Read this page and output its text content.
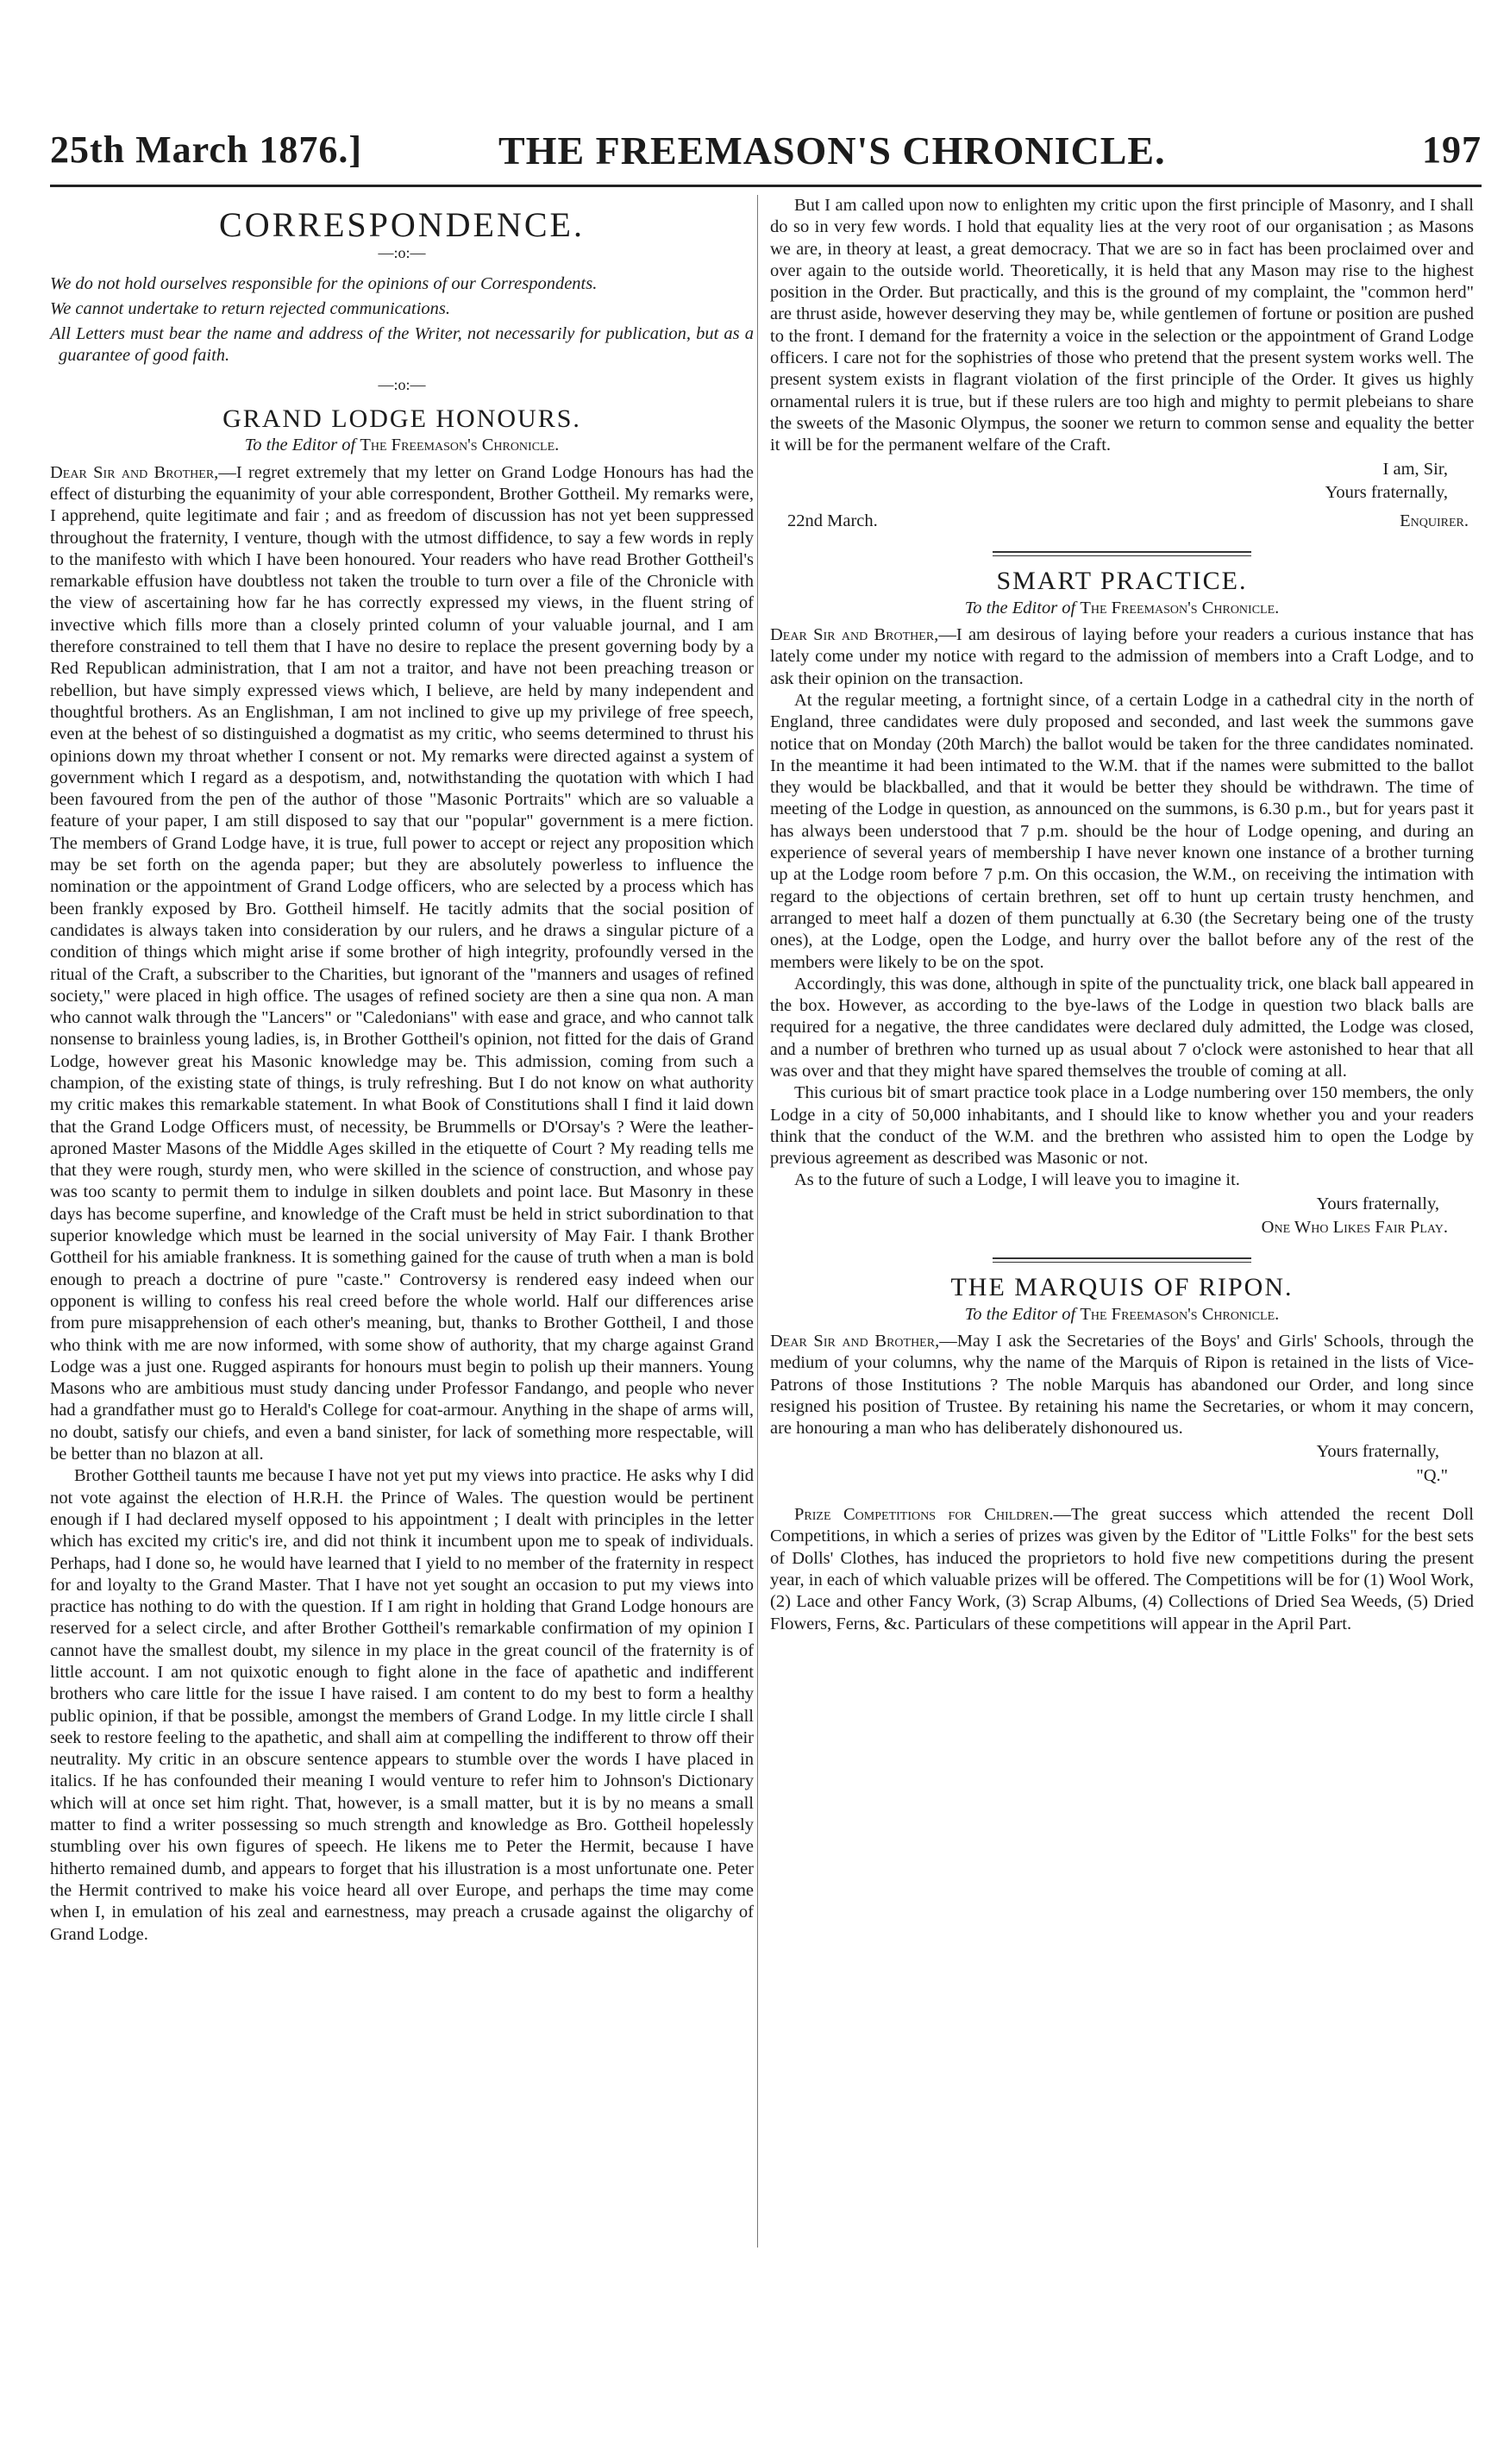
25th March 1876.]	THE FREEMASON'S CHRONICLE.	197
CORRESPONDENCE.
—:o:—
We do not hold ourselves responsible for the opinions of our Correspondents.
We cannot undertake to return rejected communications.
All Letters must bear the name and address of the Writer, not necessarily for publication, but as a guarantee of good faith.
—:o:—
GRAND LODGE HONOURS.
To the Editor of The Freemason's Chronicle.

Dear Sir and Brother,—I regret extremely that my letter on Grand Lodge Honours has had the effect of disturbing the equanimity of your able correspondent, Brother Gottheil. My remarks were, I apprehend, quite legitimate and fair ; and as freedom of discussion has not yet been suppressed throughout the fraternity, I venture, though with the utmost diffidence, to say a few words in reply to the manifesto with which I have been honoured. Your readers who have read Brother Gottheil's remarkable effusion have doubtless not taken the trouble to turn over a file of the Chronicle with the view of ascertaining how far he has correctly expressed my views, in the fluent string of invective which fills more than a closely printed column of your valuable journal, and I am therefore constrained to tell them that I have no desire to replace the present governing body by a Red Republican administration, that I am not a traitor, and have not been preaching treason or rebellion, but have simply expressed views which, I believe, are held by many independent and thoughtful brothers. As an Englishman, I am not inclined to give up my privilege of free speech, even at the behest of so distinguished a dogmatist as my critic, who seems determined to thrust his opinions down my throat whether I consent or not. My remarks were directed against a system of government which I regard as a despotism, and, notwithstanding the quotation with which I had been favoured from the pen of the author of those "Masonic Portraits" which are so valuable a feature of your paper, I am still disposed to say that our "popular" government is a mere fiction. The members of Grand Lodge have, it is true, full power to accept or reject any proposition which may be set forth on the agenda paper; but they are absolutely powerless to influence the nomination or the appointment of Grand Lodge officers, who are selected by a process which has been frankly exposed by Bro. Gottheil himself. He tacitly admits that the social position of candidates is always taken into consideration by our rulers, and he draws a singular picture of a condition of things which might arise if some brother of high integrity, profoundly versed in the ritual of the Craft, a subscriber to the Charities, but ignorant of the "manners and usages of refined society," were placed in high office. The usages of refined society are then a sine qua non. A man who cannot walk through the "Lancers" or "Caledonians" with ease and grace, and who cannot talk nonsense to brainless young ladies, is, in Brother Gottheil's opinion, not fitted for the dais of Grand Lodge, however great his Masonic knowledge may be. This admission, coming from such a champion, of the existing state of things, is truly refreshing. But I do not know on what authority my critic makes this remarkable statement. In what Book of Constitutions shall I find it laid down that the Grand Lodge Officers must, of necessity, be Brummells or D'Orsay's ? Were the leather-aproned Master Masons of the Middle Ages skilled in the etiquette of Court ? My reading tells me that they were rough, sturdy men, who were skilled in the science of construction, and whose pay was too scanty to permit them to indulge in silken doublets and point lace. But Masonry in these days has become superfine, and knowledge of the Craft must be held in strict subordination to that superior knowledge which must be learned in the social university of May Fair. I thank Brother Gottheil for his amiable frankness. It is something gained for the cause of truth when a man is bold enough to preach a doctrine of pure "caste." Controversy is rendered easy indeed when our opponent is willing to confess his real creed before the whole world. Half our differences arise from pure misapprehension of each other's meaning, but, thanks to Brother Gottheil, I and those who think with me are now informed, with some show of authority, that my charge against Grand Lodge was a just one. Rugged aspirants for honours must begin to polish up their manners. Young Masons who are ambitious must study dancing under Professor Fandango, and people who never had a grandfather must go to Herald's College for coat-armour. Anything in the shape of arms will, no doubt, satisfy our chiefs, and even a band sinister, for lack of something more respectable, will be better than no blazon at all.

Brother Gottheil taunts me because I have not yet put my views into practice. He asks why I did not vote against the election of H.R.H. the Prince of Wales. The question would be pertinent enough if I had declared myself opposed to his appointment ; I dealt with principles in the letter which has excited my critic's ire, and did not think it incumbent upon me to speak of individuals. Perhaps, had I done so, he would have learned that I yield to no member of the fraternity in respect for and loyalty to the Grand Master. That I have not yet sought an occasion to put my views into practice has nothing to do with the question. If I am right in holding that Grand Lodge honours are reserved for a select circle, and after Brother Gottheil's remarkable confirmation of my opinion I cannot have the smallest doubt, my silence in my place in the great council of the fraternity is of little account. I am not quixotic enough to fight alone in the face of apathetic and indifferent brothers who care little for the issue I have raised. I am content to do my best to form a healthy public opinion, if that be possible, amongst the members of Grand Lodge. In my little circle I shall seek to restore feeling to the apathetic, and shall aim at compelling the indifferent to throw off their neutrality. My critic in an obscure sentence appears to stumble over the words I have placed in italics. If he has confounded their meaning I would venture to refer him to Johnson's Dictionary which will at once set him right. That, however, is a small matter, but it is by no means a small matter to find a writer possessing so much strength and knowledge as Bro. Gottheil hopelessly stumbling over his own figures of speech. He likens me to Peter the Hermit, because I have hitherto remained dumb, and appears to forget that his illustration is a most unfortunate one. Peter the Hermit contrived to make his voice heard all over Europe, and perhaps the time may come when I, in emulation of his zeal and earnestness, may preach a crusade against the oligarchy of Grand Lodge.

But I am called upon now to enlighten my critic upon the first principle of Masonry, and I shall do so in very few words. I hold that equality lies at the very root of our organisation ; as Masons we are, in theory at least, a great democracy. That we are so in fact has been proclaimed over and over again to the outside world. Theoretically, it is held that any Mason may rise to the highest position in the Order. But practically, and this is the ground of my complaint, the "common herd" are thrust aside, however deserving they may be, while gentlemen of fortune or position are pushed to the front. I demand for the fraternity a voice in the selection or the appointment of Grand Lodge officers. I care not for the sophistries of those who pretend that the present system works well. The present system exists in flagrant violation of the first principle of the Order. It gives us highly ornamental rulers it is true, but if these rulers are too high and mighty to permit plebeians to share the sweets of the Masonic Olympus, the sooner we return to common sense and equality the better it will be for the permanent welfare of the Craft.

I am, Sir,
Yours fraternally,
22nd March.	Enquirer.
SMART PRACTICE.
To the Editor of The Freemason's Chronicle.

Dear Sir and Brother,—I am desirous of laying before your readers a curious instance that has lately come under my notice with regard to the admission of members into a Craft Lodge, and to ask their opinion on the transaction.

At the regular meeting, a fortnight since, of a certain Lodge in a cathedral city in the north of England, three candidates were duly proposed and seconded, and last week the summons gave notice that on Monday (20th March) the ballot would be taken for the three candidates nominated. In the meantime it had been intimated to the W.M. that if the names were submitted to the ballot they would be blackballed, and that it would be better they should be withdrawn. The time of meeting of the Lodge in question, as announced on the summons, is 6.30 p.m., but for years past it has always been understood that 7 p.m. should be the hour of Lodge opening, and during an experience of several years of membership I have never known one instance of a brother turning up at the Lodge room before 7 p.m. On this occasion, the W.M., on receiving the intimation with regard to the objections of certain brethren, set off to hunt up certain trusty henchmen, and arranged to meet half a dozen of them punctually at 6.30 (the Secretary being one of the trusty ones), at the Lodge, open the Lodge, and hurry over the ballot before any of the rest of the members were likely to be on the spot.

Accordingly, this was done, although in spite of the punctuality trick, one black ball appeared in the box. However, as according to the bye-laws of the Lodge in question two black balls are required for a negative, the three candidates were declared duly admitted, the Lodge was closed, and a number of brethren who turned up as usual about 7 o'clock were astonished to hear that all was over and that they might have spared themselves the trouble of coming at all.

This curious bit of smart practice took place in a Lodge numbering over 150 members, the only Lodge in a city of 50,000 inhabitants, and I should like to know whether you and your readers think that the conduct of the W.M. and the brethren who assisted him to open the Lodge by previous agreement as described was Masonic or not.

As to the future of such a Lodge, I will leave you to imagine it.

Yours fraternally,
One Who Likes Fair Play.
THE MARQUIS OF RIPON.
To the Editor of The Freemason's Chronicle.

Dear Sir and Brother,—May I ask the Secretaries of the Boys' and Girls' Schools, through the medium of your columns, why the name of the Marquis of Ripon is retained in the lists of Vice-Patrons of those Institutions ? The noble Marquis has abandoned our Order, and long since resigned his position of Trustee. By retaining his name the Secretaries, or whom it may concern, are honouring a man who has deliberately dishonoured us.

Yours fraternally,
"Q."

Prize Competitions for Children.—The great success which attended the recent Doll Competitions, in which a series of prizes was given by the Editor of "Little Folks" for the best sets of Dolls' Clothes, has induced the proprietors to hold five new competitions during the present year, in each of which valuable prizes will be offered. The Competitions will be for (1) Wool Work, (2) Lace and other Fancy Work, (3) Scrap Albums, (4) Collections of Dried Sea Weeds, (5) Dried Flowers, Ferns, &c. Particulars of these competitions will appear in the April Part.
